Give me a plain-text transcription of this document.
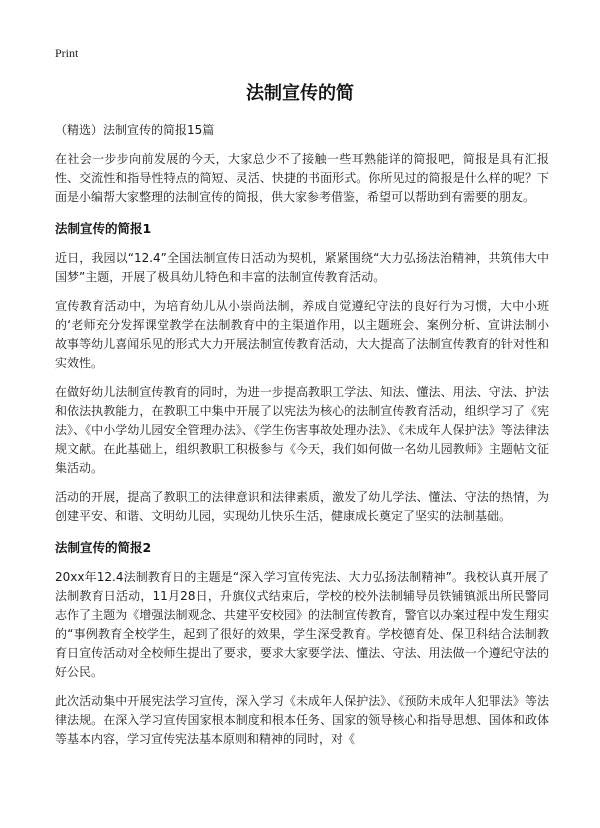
Print
法制宣传的简

（精选）法制宣传的简报15篇

在社会一步步向前发展的今天，大家总少不了接触一些耳熟能详的简报吧，简报是具有汇报性、交流性和指导性特点的简短、灵活、快捷的书面形式。你所见过的简报是什么样的呢？下面是小编帮大家整理的法制宣传的简报，供大家参考借鉴，希望可以帮助到有需要的朋友。

法制宣传的简报1

近日，我园以“12.4”全国法制宣传日活动为契机，紧紧围绕“大力弘扬法治精神，共筑伟大中国梦”主题，开展了极具幼儿特色和丰富的法制宣传教育活动。

宣传教育活动中，为培育幼儿从小崇尚法制，养成自觉遵纪守法的良好行为习惯，大中小班的‘老师充分发挥课堂教学在法制教育中的主渠道作用，以主题班会、案例分析、宣讲法制小故事等幼儿喜闻乐见的形式大力开展法制宣传教育活动，大大提高了法制宣传教育的针对性和实效性。

在做好幼儿法制宣传教育的同时，为进一步提高教职工学法、知法、懂法、用法、守法、护法和依法执教能力，在教职工中集中开展了以宪法为核心的法制宣传教育活动，组织学习了《宪法》、《中小学幼儿园安全管理办法》、《学生伤害事故处理办法》、《未成年人保护法》等法律法规文献。在此基础上，组织教职工积极参与《今天，我们如何做一名幼儿园教师》主题帖文征集活动。

活动的开展，提高了教职工的法律意识和法律素质，激发了幼儿学法、懂法、守法的热情，为创建平安、和谐、文明幼儿园，实现幼儿快乐生活，健康成长奠定了坚实的法制基础。

法制宣传的简报2

20xx年12.4法制教育日的主题是“深入学习宣传宪法、大力弘扬法制精神”。我校认真开展了法制教育日活动，11月28日，升旗仪式结束后，学校的校外法制辅导员铁铺镇派出所民警同志作了主题为《增强法制观念、共建平安校园》的法制宣传教育，警官以办案过程中发生翔实的“事例教育全校学生，起到了很好的效果，学生深受教育。学校德育处、保卫科结合法制教育日宣传活动对全校师生提出了要求，要求大家要学法、懂法、守法、用法做一个遵纪守法的好公民。

此次活动集中开展宪法学习宣传，深入学习《未成年人保护法》、《预防未成年人犯罪法》等法律法规。在深入学习宣传国家根本制度和根本任务、国家的领导核心和指导思想、国体和政体等基本内容，学习宣传宪法基本原则和精神的同时，对《
